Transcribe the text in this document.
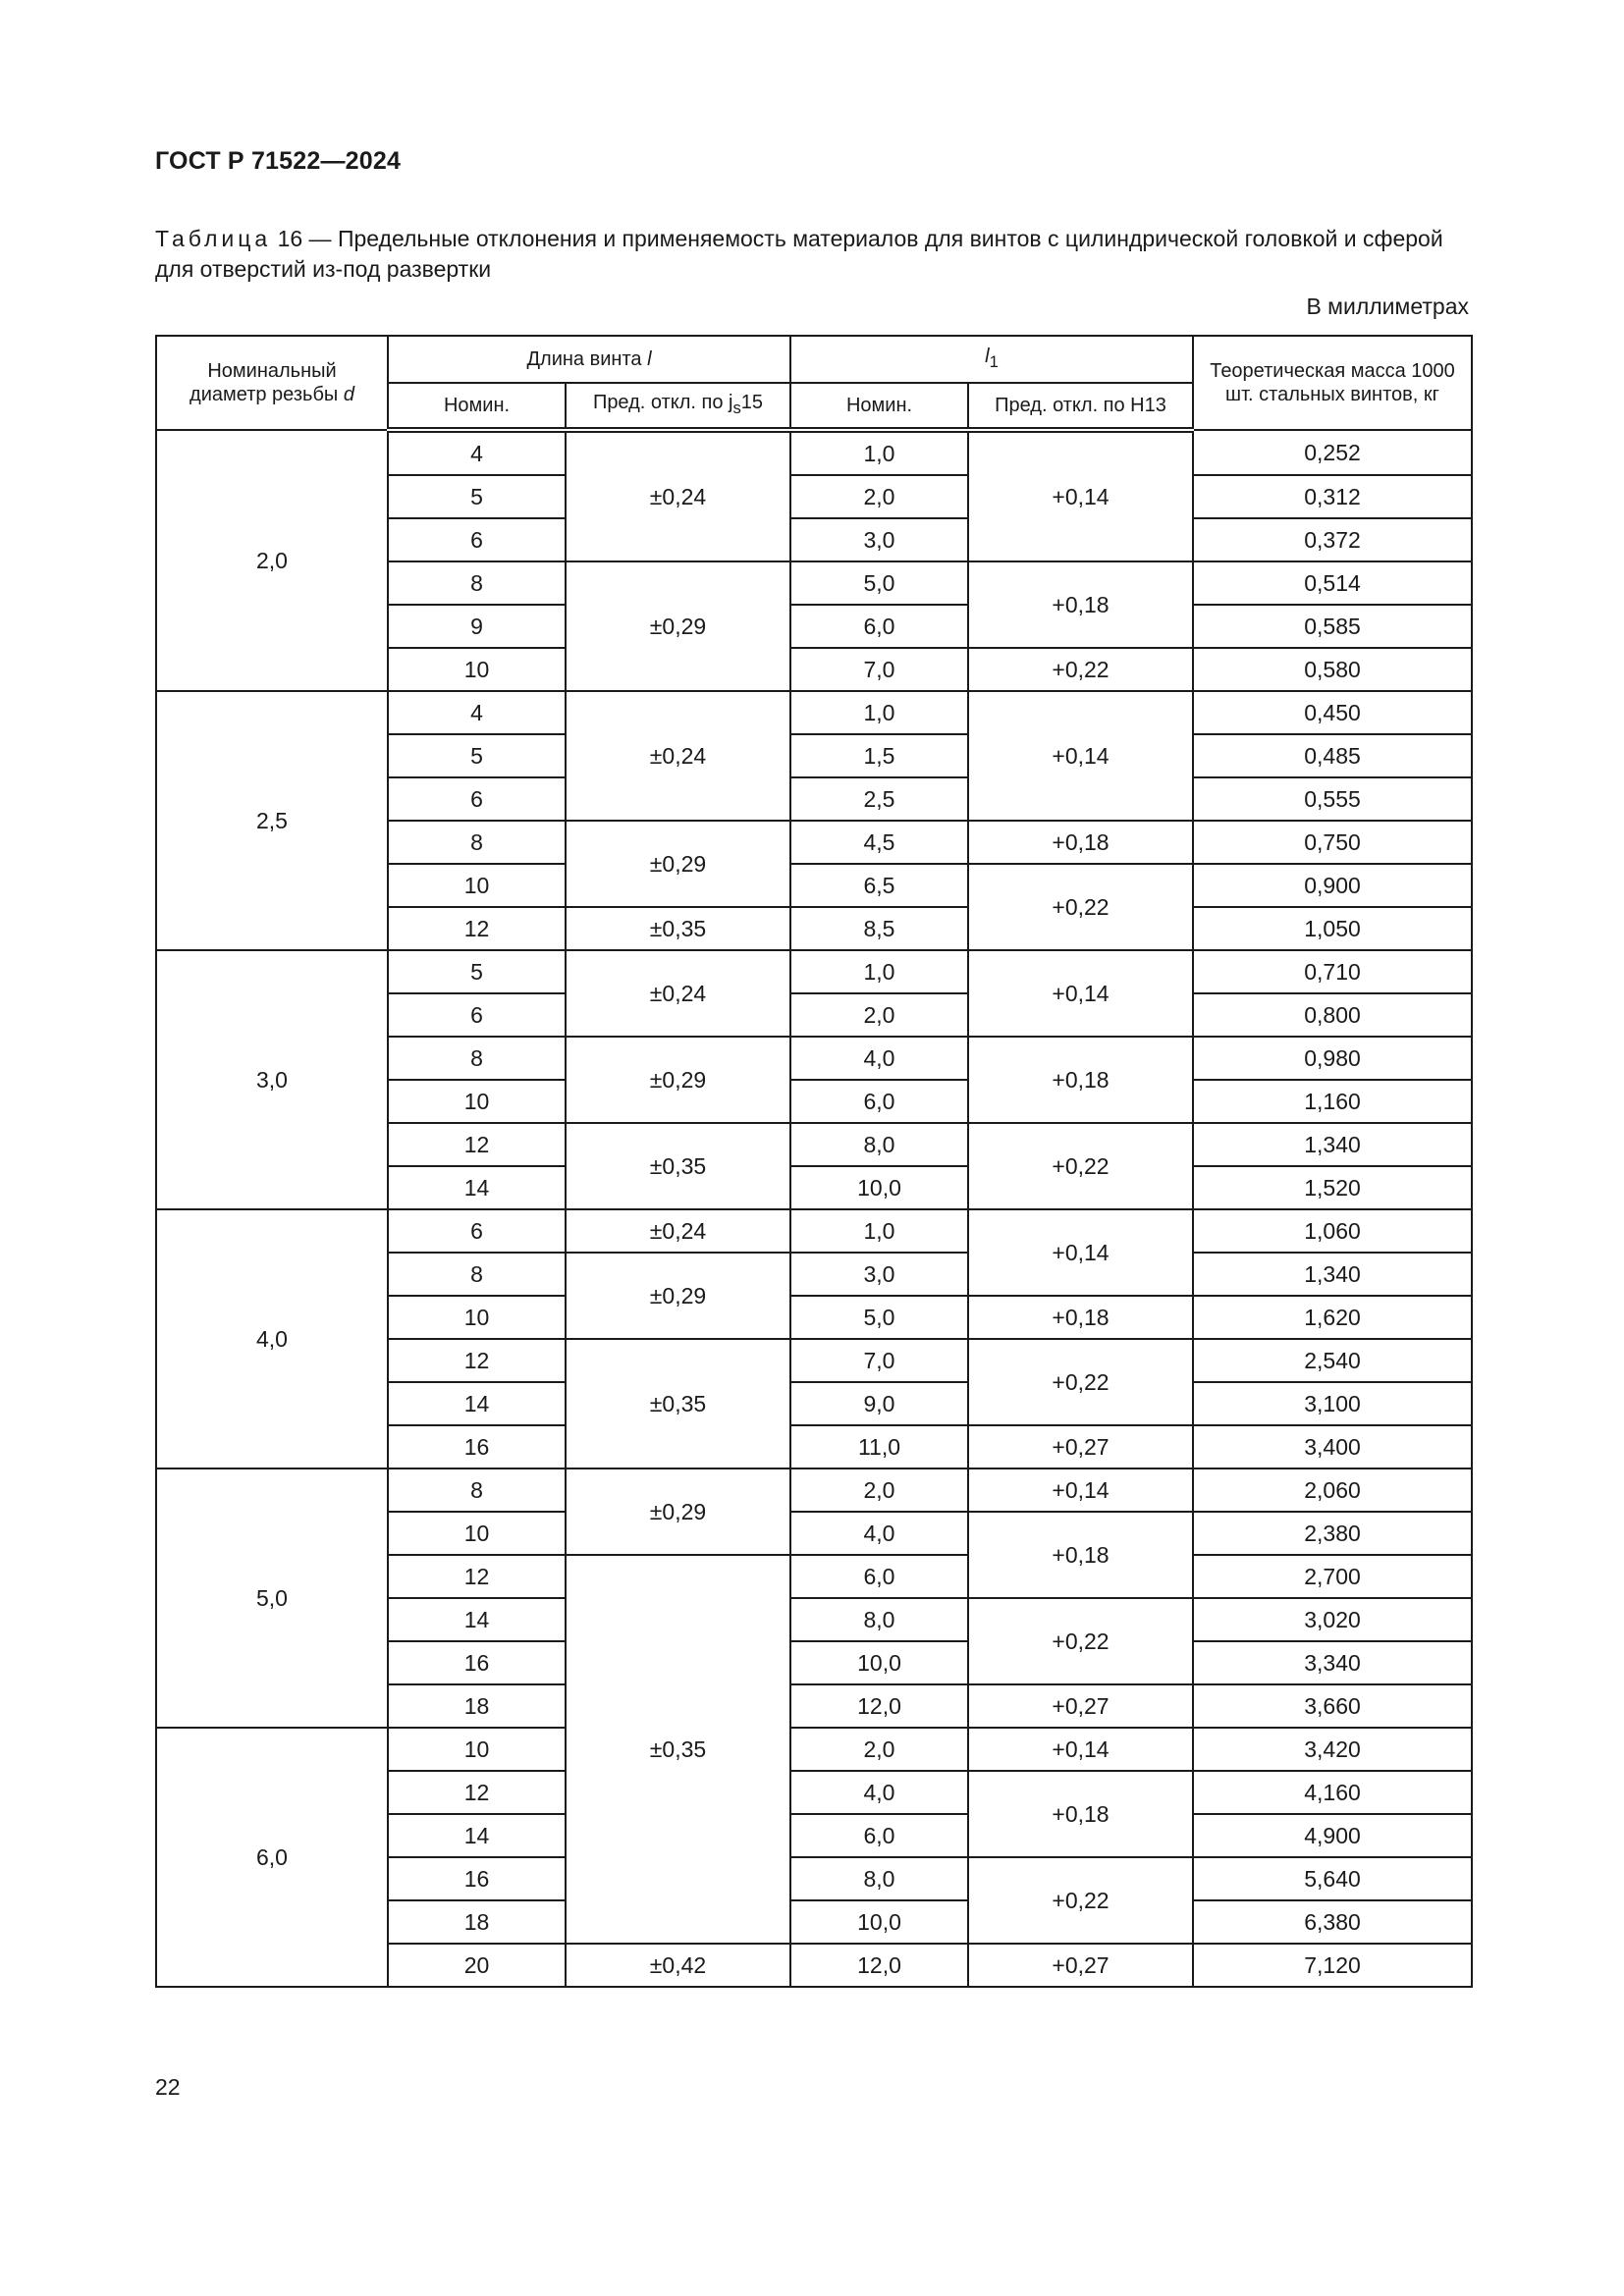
ГОСТ Р 71522—2024
Таблица 16 — Предельные отклонения и применяемость материалов для винтов с цилиндрической головкой и сферой для отверстий из-под развертки
В миллиметрах
Номинальный
диаметр резьбы d	Длина винта l		$l_1$		Теоретическая масса 1000 шт. стальных винтов, кг
	Номин.	Пред. откл. по $j_s15$	Номин.	Пред. откл. по H13	
2,0	4	±0,24	1,0	+0,14	0,252
	5		2,0		0,312
	6		3,0		0,372
	8	±0,29	5,0	+0,18	0,514
	9		6,0		0,585
	10		7,0	+0,22	0,580
2,5	4	±0,24	1,0	+0,14	0,450
	5		1,5		0,485
	6		2,5		0,555
	8	±0,29	4,5	+0,18	0,750
	10		6,5	+0,22	0,900
	12	±0,35	8,5		1,050
3,0	5	±0,24	1,0	+0,14	0,710
	6		2,0		0,800
	8	±0,29	4,0	+0,18	0,980
	10		6,0		1,160
	12	±0,35	8,0	+0,22	1,340
	14		10,0		1,520
4,0	6	±0,24	1,0	+0,14	1,060
	8	±0,29	3,0		1,340
	10		5,0	+0,18	1,620
	12	±0,35	7,0	+0,22	2,540
	14		9,0		3,100
	16		11,0	+0,27	3,400
5,0	8	±0,29	2,0	+0,14	2,060
	10		4,0	+0,18	2,380
	12	±0,35	6,0		2,700
	14		8,0	+0,22	3,020
	16		10,0		3,340
	18		12,0	+0,27	3,660
6,0	10		2,0	+0,14	3,420
	12		4,0	+0,18	4,160
	14		6,0		4,900
	16		8,0	+0,22	5,640
	18		10,0		6,380
	20	±0,42	12,0	+0,27	7,120
22
